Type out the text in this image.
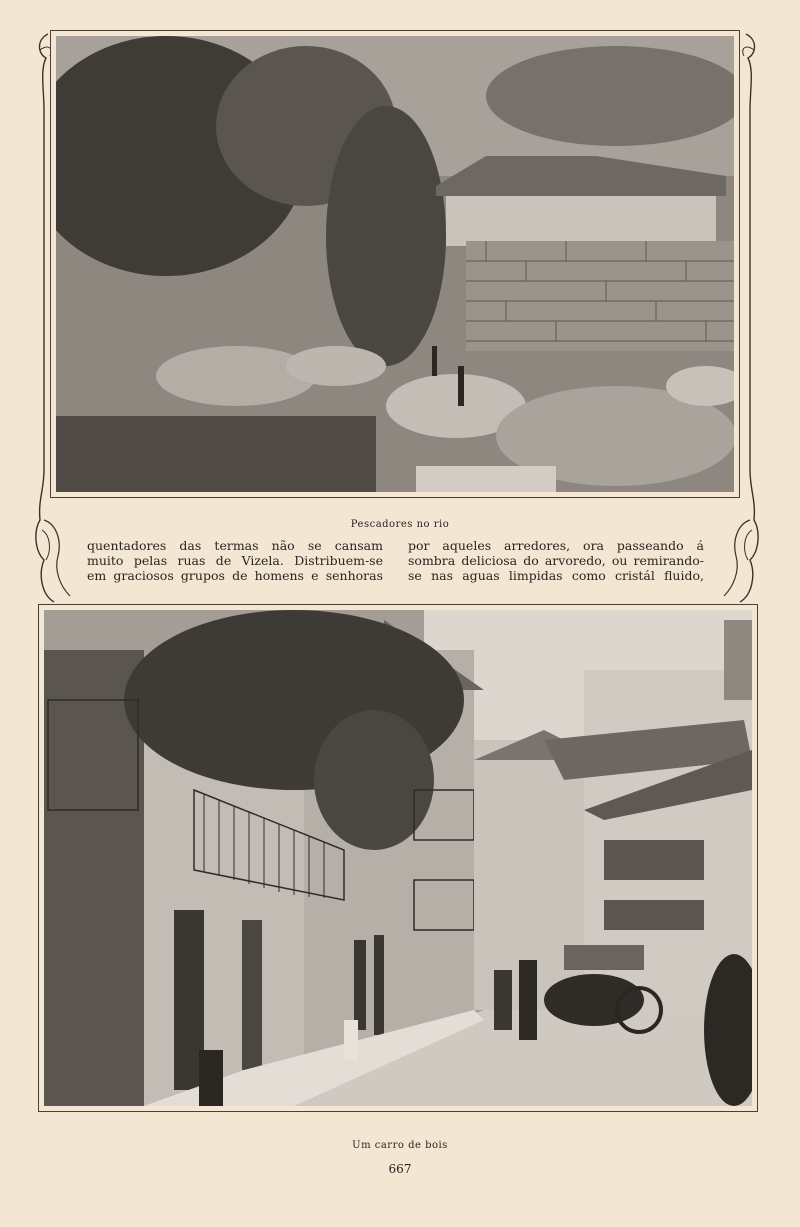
Pescadores no rio
quentadores das termas não se cansam
muito pelas ruas de Vizela. Distribuem-se
em graciosos grupos de homens e senhoras
por aqueles arredores, ora passeando á
sombra deliciosa do arvoredo, ou remirando-
se nas aguas limpidas como cristál fluido,
Um carro de bois
667
